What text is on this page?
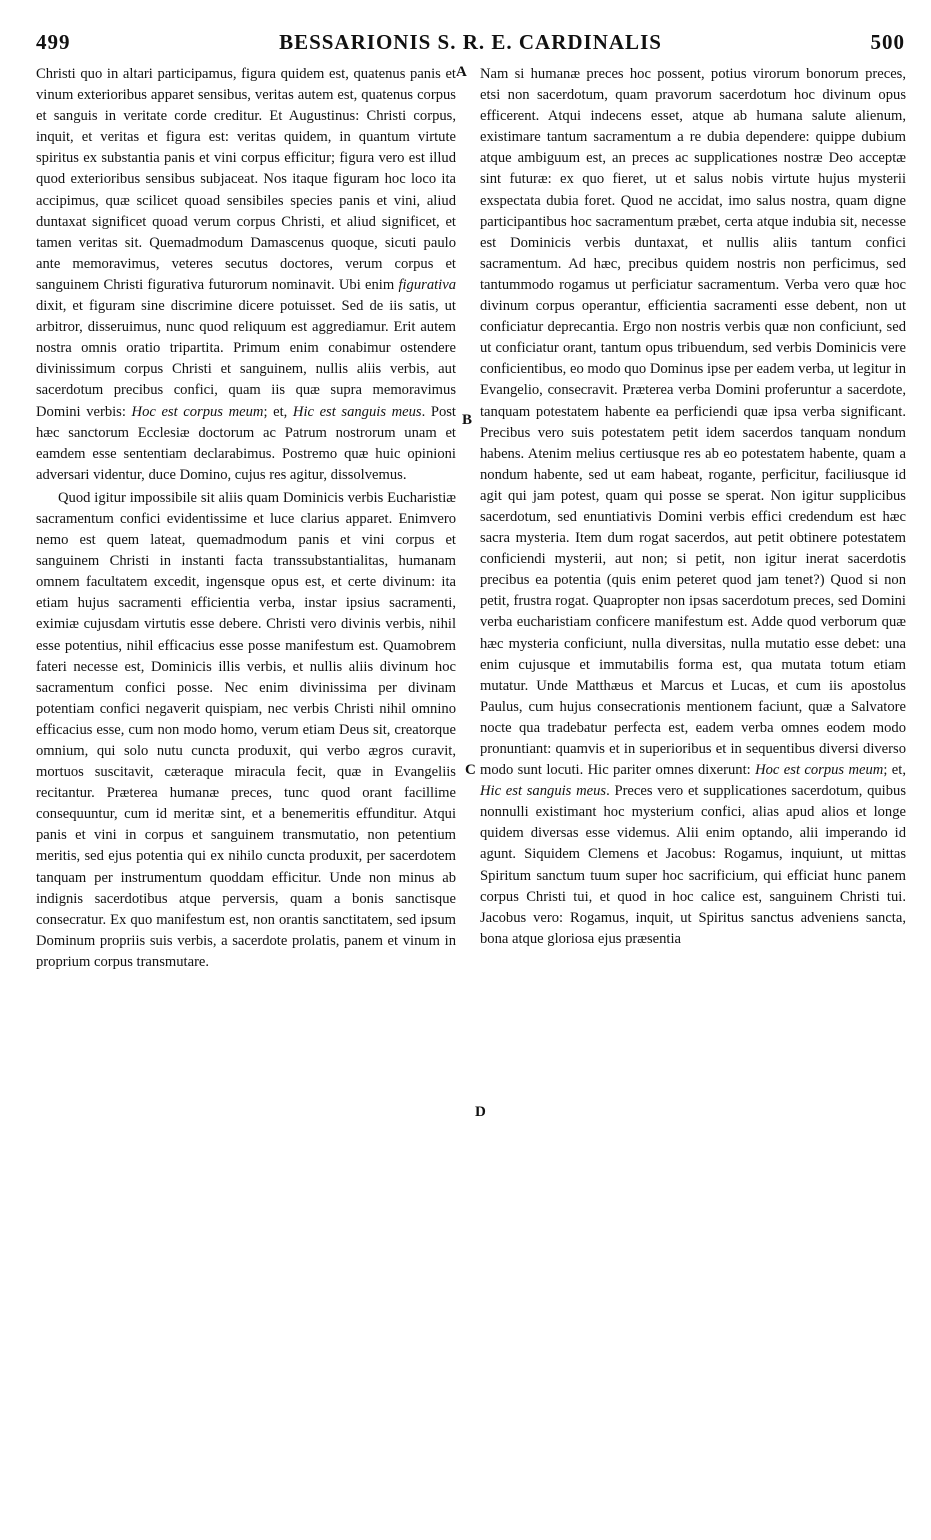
499	BESSARIONIS S. R. E. CARDINALIS	500
A
B
C
D

Christi quo in altari participamus, figura quidem est, quatenus panis et vinum exterioribus apparet sensibus, veritas autem est, quatenus corpus et sanguis in veritate corde creditur. Et Augustinus: Christi corpus, inquit, et veritas et figura est: veritas quidem, in quantum virtute spiritus ex substantia panis et vini corpus efficitur; figura vero est illud quod exterioribus sensibus subjaceat. Nos itaque figuram hoc loco ita accipimus, quæ scilicet quoad sensibiles species panis et vini, aliud duntaxat significet quoad verum corpus Christi, et aliud significet, et tamen veritas sit. Quemadmodum Damascenus quoque, sicuti paulo ante memoravimus, veteres secutus doctores, verum corpus et sanguinem Christi figurativa futurorum nominavit. Ubi enim figurativa dixit, et figuram sine discrimine dicere potuisset. Sed de iis satis, ut arbitror, disseruimus, nunc quod reliquum est aggrediamur. Erit autem nostra omnis oratio tripartita. Primum enim conabimur ostendere divinissimum corpus Christi et sanguinem, nullis aliis verbis, aut sacerdotum precibus confici, quam iis quæ supra memoravimus Domini verbis: Hoc est corpus meum; et, Hic est sanguis meus. Post hæc sanctorum Ecclesiæ doctorum ac Patrum nostrorum unam et eamdem esse sententiam declarabimus. Postremo quæ huic opinioni adversari videntur, duce Domino, cujus res agitur, dissolvemus.

Quod igitur impossibile sit aliis quam Dominicis verbis Eucharistiæ sacramentum confici evidentissime et luce clarius apparet. Enimvero nemo est quem lateat, quemadmodum panis et vini corpus et sanguinem Christi in instanti facta transsubstantialitas, humanam omnem facultatem excedit, ingensque opus est, et certe divinum: ita etiam hujus sacramenti efficientia verba, instar ipsius sacramenti, eximiæ cujusdam virtutis esse debere. Christi vero divinis verbis, nihil esse potentius, nihil efficacius esse posse manifestum est. Quamobrem fateri necesse est, Dominicis illis verbis, et nullis aliis divinum hoc sacramentum confici posse. Nec enim divinissima per divinam potentiam confici negaverit quispiam, nec verbis Christi nihil omnino efficacius esse, cum non modo homo, verum etiam Deus sit, creatorque omnium, qui solo nutu cuncta produxit, qui verbo ægros curavit, mortuos suscitavit, cæteraque miracula fecit, quæ in Evangeliis recitantur. Præterea humanæ preces, tunc quod orant facillime consequuntur, cum id meritæ sint, et a benemeritis effunditur. Atqui panis et vini in corpus et sanguinem transmutatio, non petentium meritis, sed ejus potentia qui ex nihilo cuncta produxit, per sacerdotem tanquam per instrumentum quoddam efficitur. Unde non minus ab indignis sacerdotibus atque perversis, quam a bonis sanctisque consecratur. Ex quo manifestum est, non orantis sanctitatem, sed ipsum Dominum propriis suis verbis, a sacerdote prolatis, panem et vinum in proprium corpus transmutare.

Nam si humanæ preces hoc possent, potius virorum bonorum preces, etsi non sacerdotum, quam pravorum sacerdotum hoc divinum opus efficerent. Atqui indecens esset, atque ab humana salute alienum, existimare tantum sacramentum a re dubia dependere: quippe dubium atque ambiguum est, an preces ac supplicationes nostræ Deo acceptæ sint futuræ: ex quo fieret, ut et salus nobis virtute hujus mysterii exspectata dubia foret. Quod ne accidat, imo salus nostra, quam digne participantibus hoc sacramentum præbet, certa atque indubia sit, necesse est Dominicis verbis duntaxat, et nullis aliis tantum confici sacramentum. Ad hæc, precibus quidem nostris non perficimus, sed tantummodo rogamus ut perficiatur sacramentum. Verba vero quæ hoc divinum corpus operantur, efficientia sacramenti esse debent, non ut conficiatur deprecantia. Ergo non nostris verbis quæ non conficiunt, sed ut conficiatur orant, tantum opus tribuendum, sed verbis Dominicis vere conficientibus, eo modo quo Dominus ipse per eadem verba, ut legitur in Evangelio, consecravit. Præterea verba Domini proferuntur a sacerdote, tanquam potestatem habente ea perficiendi quæ ipsa verba significant. Precibus vero suis potestatem petit idem sacerdos tanquam nondum habens. Atenim melius certiusque res ab eo potestatem habente, quam a nondum habente, sed ut eam habeat, rogante, perficitur, faciliusque id agit qui jam potest, quam qui posse se sperat. Non igitur supplicibus sacerdotum, sed enuntiativis Domini verbis effici credendum est hæc sacra mysteria. Item dum rogat sacerdos, aut petit obtinere potestatem conficiendi mysterii, aut non; si petit, non igitur inerat sacerdotis precibus ea potentia (quis enim peteret quod jam tenet?) Quod si non petit, frustra rogat. Quapropter non ipsas sacerdotum preces, sed Domini verba eucharistiam conficere manifestum est. Adde quod verborum quæ hæc mysteria conficiunt, nulla diversitas, nulla mutatio esse debet: una enim cujusque et immutabilis forma est, qua mutata totum etiam mutatur. Unde Matthæus et Marcus et Lucas, et cum iis apostolus Paulus, cum hujus consecrationis mentionem faciunt, quæ a Salvatore nocte qua tradebatur perfecta est, eadem verba omnes eodem modo pronuntiant: quamvis et in superioribus et in sequentibus diversi diverso modo sunt locuti. Hic pariter omnes dixerunt: Hoc est corpus meum; et, Hic est sanguis meus. Preces vero et supplicationes sacerdotum, quibus nonnulli existimant hoc mysterium confici, alias apud alios et longe quidem diversas esse videmus. Alii enim optando, alii imperando id agunt. Siquidem Clemens et Jacobus: Rogamus, inquiunt, ut mittas Spiritum sanctum tuum super hoc sacrificium, qui efficiat hunc panem corpus Christi tui, et quod in hoc calice est, sanguinem Christi tui. Jacobus vero: Rogamus, inquit, ut Spiritus sanctus adveniens sancta, bona atque gloriosa ejus præsentia
